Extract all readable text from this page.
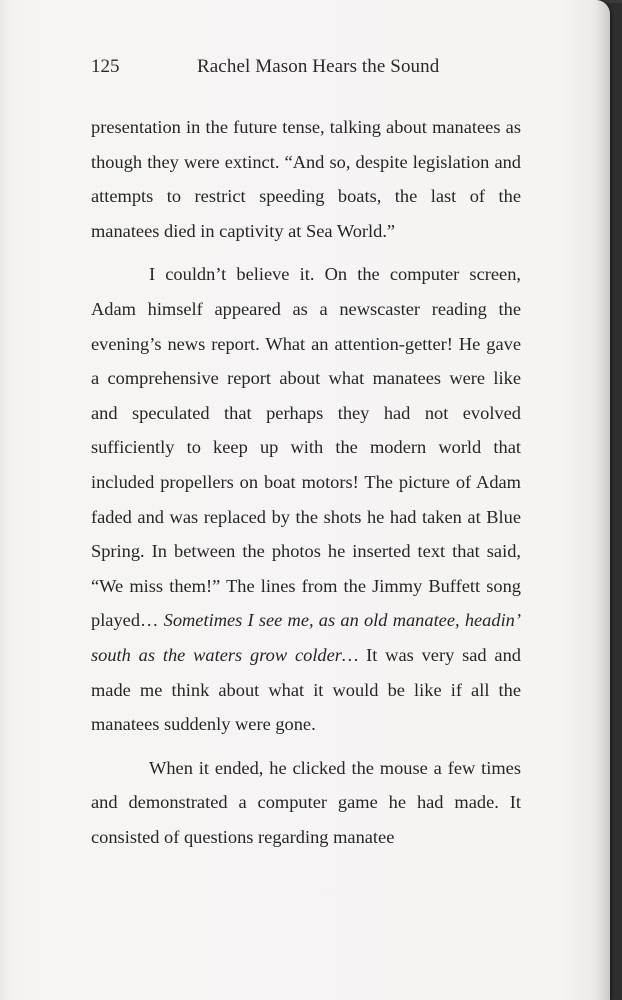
125	Rachel Mason Hears the Sound

presentation in the future tense, talking about manatees as though they were extinct. “And so, despite legislation and attempts to restrict speeding boats, the last of the manatees died in captivity at Sea World.”

I couldn’t believe it. On the computer screen, Adam himself appeared as a newscaster reading the evening’s news report. What an attention-getter! He gave a comprehensive report about what manatees were like and speculated that perhaps they had not evolved sufficiently to keep up with the modern world that included propellers on boat motors! The picture of Adam faded and was replaced by the shots he had taken at Blue Spring. In between the photos he inserted text that said, “We miss them!” The lines from the Jimmy Buffett song played… Sometimes I see me, as an old manatee, headin’ south as the waters grow colder… It was very sad and made me think about what it would be like if all the manatees suddenly were gone.

When it ended, he clicked the mouse a few times and demonstrated a computer game he had made. It consisted of questions regarding manatee
